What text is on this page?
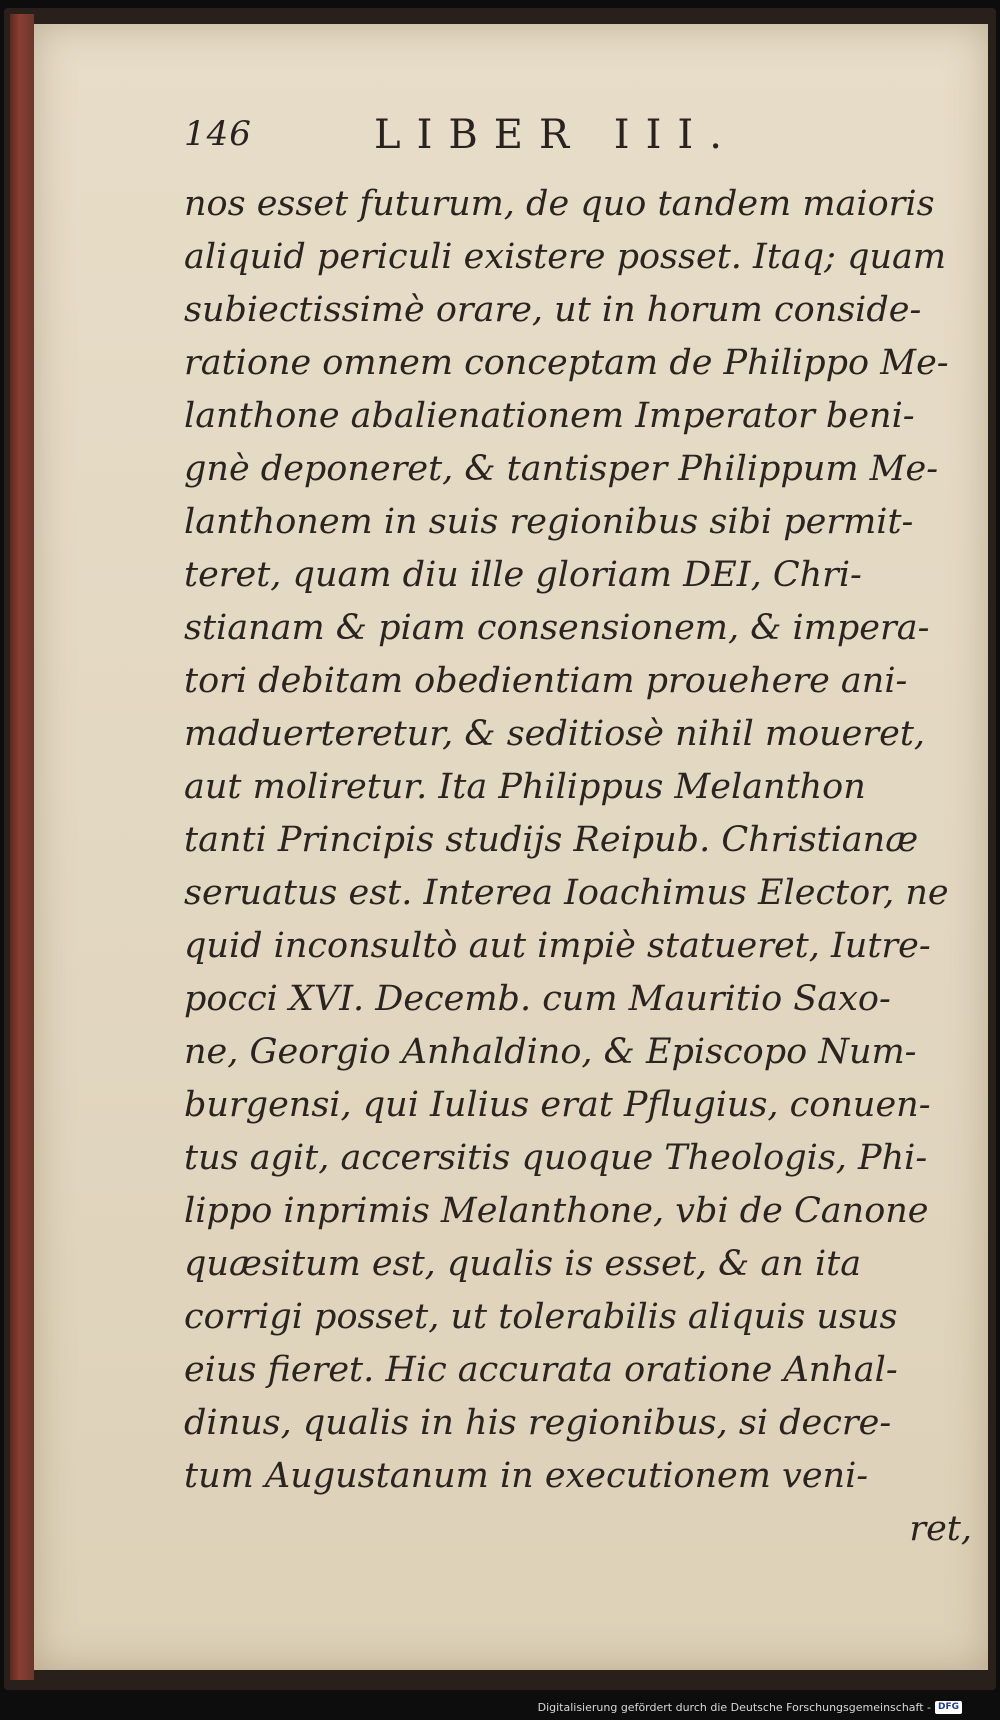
146	LIBER III.
nos esset futurum, de quo tandem maioris
aliquid periculi existere posset. Itaq; quam
subiectissimè orare, ut in horum conside-
ratione omnem conceptam de Philippo Me-
lanthone abalienationem Imperator beni-
gnè deponeret, & tantisper Philippum Me-
lanthonem in suis regionibus sibi permit-
teret, quam diu ille gloriam DEI, Chri-
stianam & piam consensionem, & impera-
tori debitam obedientiam prouehere ani-
maduerteretur, & seditiosè nihil moueret,
aut moliretur. Ita Philippus Melanthon
tanti Principis studijs Reipub. Christianæ
seruatus est. Interea Ioachimus Elector, ne
quid inconsultò aut impiè statueret, Iutre-
pocci XVI. Decemb. cum Mauritio Saxo-
ne, Georgio Anhaldino, & Episcopo Num-
burgensi, qui Iulius erat Pflugius, conuen-
tus agit, accersitis quoque Theologis, Phi-
lippo inprimis Melanthone, vbi de Canone
quæsitum est, qualis is esset, & an ita
corrigi posset, ut tolerabilis aliquis usus
eius fieret. Hic accurata oratione Anhal-
dinus, qualis in his regionibus, si decre-
tum Augustanum in executionem veni-
ret,
Digitalisierung gefördert durch die Deutsche Forschungsgemeinschaft - DFG
